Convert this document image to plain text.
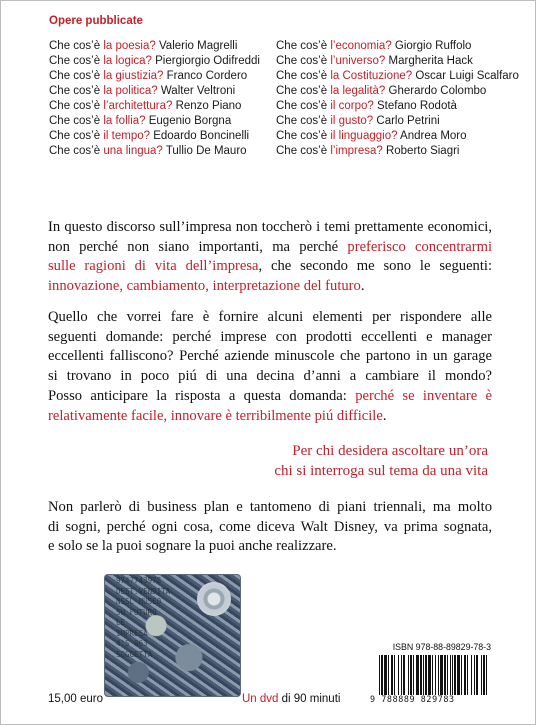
Opere pubblicate
Che cos’è la poesia? Valerio Magrelli
Che cos’è la logica? Piergiorgio Odifreddi
Che cos’è la giustizia? Franco Cordero
Che cos’è la politica? Walter Veltroni
Che cos’è l’architettura? Renzo Piano
Che cos’è la follia? Eugenio Borgna
Che cos’è il tempo? Edoardo Boncinelli
Che cos’è una lingua? Tullio De Mauro
Che cos’è l’economia? Giorgio Ruffolo
Che cos’è l’universo? Margherita Hack
Che cos’è la Costituzione? Oscar Luigi Scalfaro
Che cos’è la legalità? Gherardo Colombo
Che cos’è il corpo? Stefano Rodotà
Che cos’è il gusto? Carlo Petrini
Che cos’è il linguaggio? Andrea Moro
Che cos’è l’impresa? Roberto Siagri
In questo discorso sull’impresa non toccherò i temi prettamente economici,
non perché non siano importanti, ma perché preferisco concentrarmi
sulle ragioni di vita dell’impresa, che secondo me sono le seguenti:
innovazione, cambiamento, interpretazione del futuro.
Quello che vorrei fare è fornire alcuni elementi per rispondere alle
seguenti domande: perché imprese con prodotti eccellenti e manager
eccellenti falliscono? Perché aziende minuscole che partono in un garage
si trovano in poco piú di una decina d’anni a cambiare il mondo?
Posso anticipare la risposta a questa domanda: perché se inventare è
relativamente facile, innovare è terribilmente piú difficile.
Per chi desidera ascoltare un’ora
chi si interroga sul tema da una vita
Non parlerò di business plan e tantomeno di piani triennali, ma molto
di sogni, perché ogni cosa, come diceva Walt Disney, va prima sognata,
e solo se la puoi sognare la puoi anche realizzare.
9747743978
DEST.VENDITA
NSSL-MUSEO
SU FUTURO
LE
IMPRESA
4'S 063
SOGGETTA
ISBN 978-88-89829-78-3
9 788889 829783
15,00 euro	Un dvd di 90 minuti
